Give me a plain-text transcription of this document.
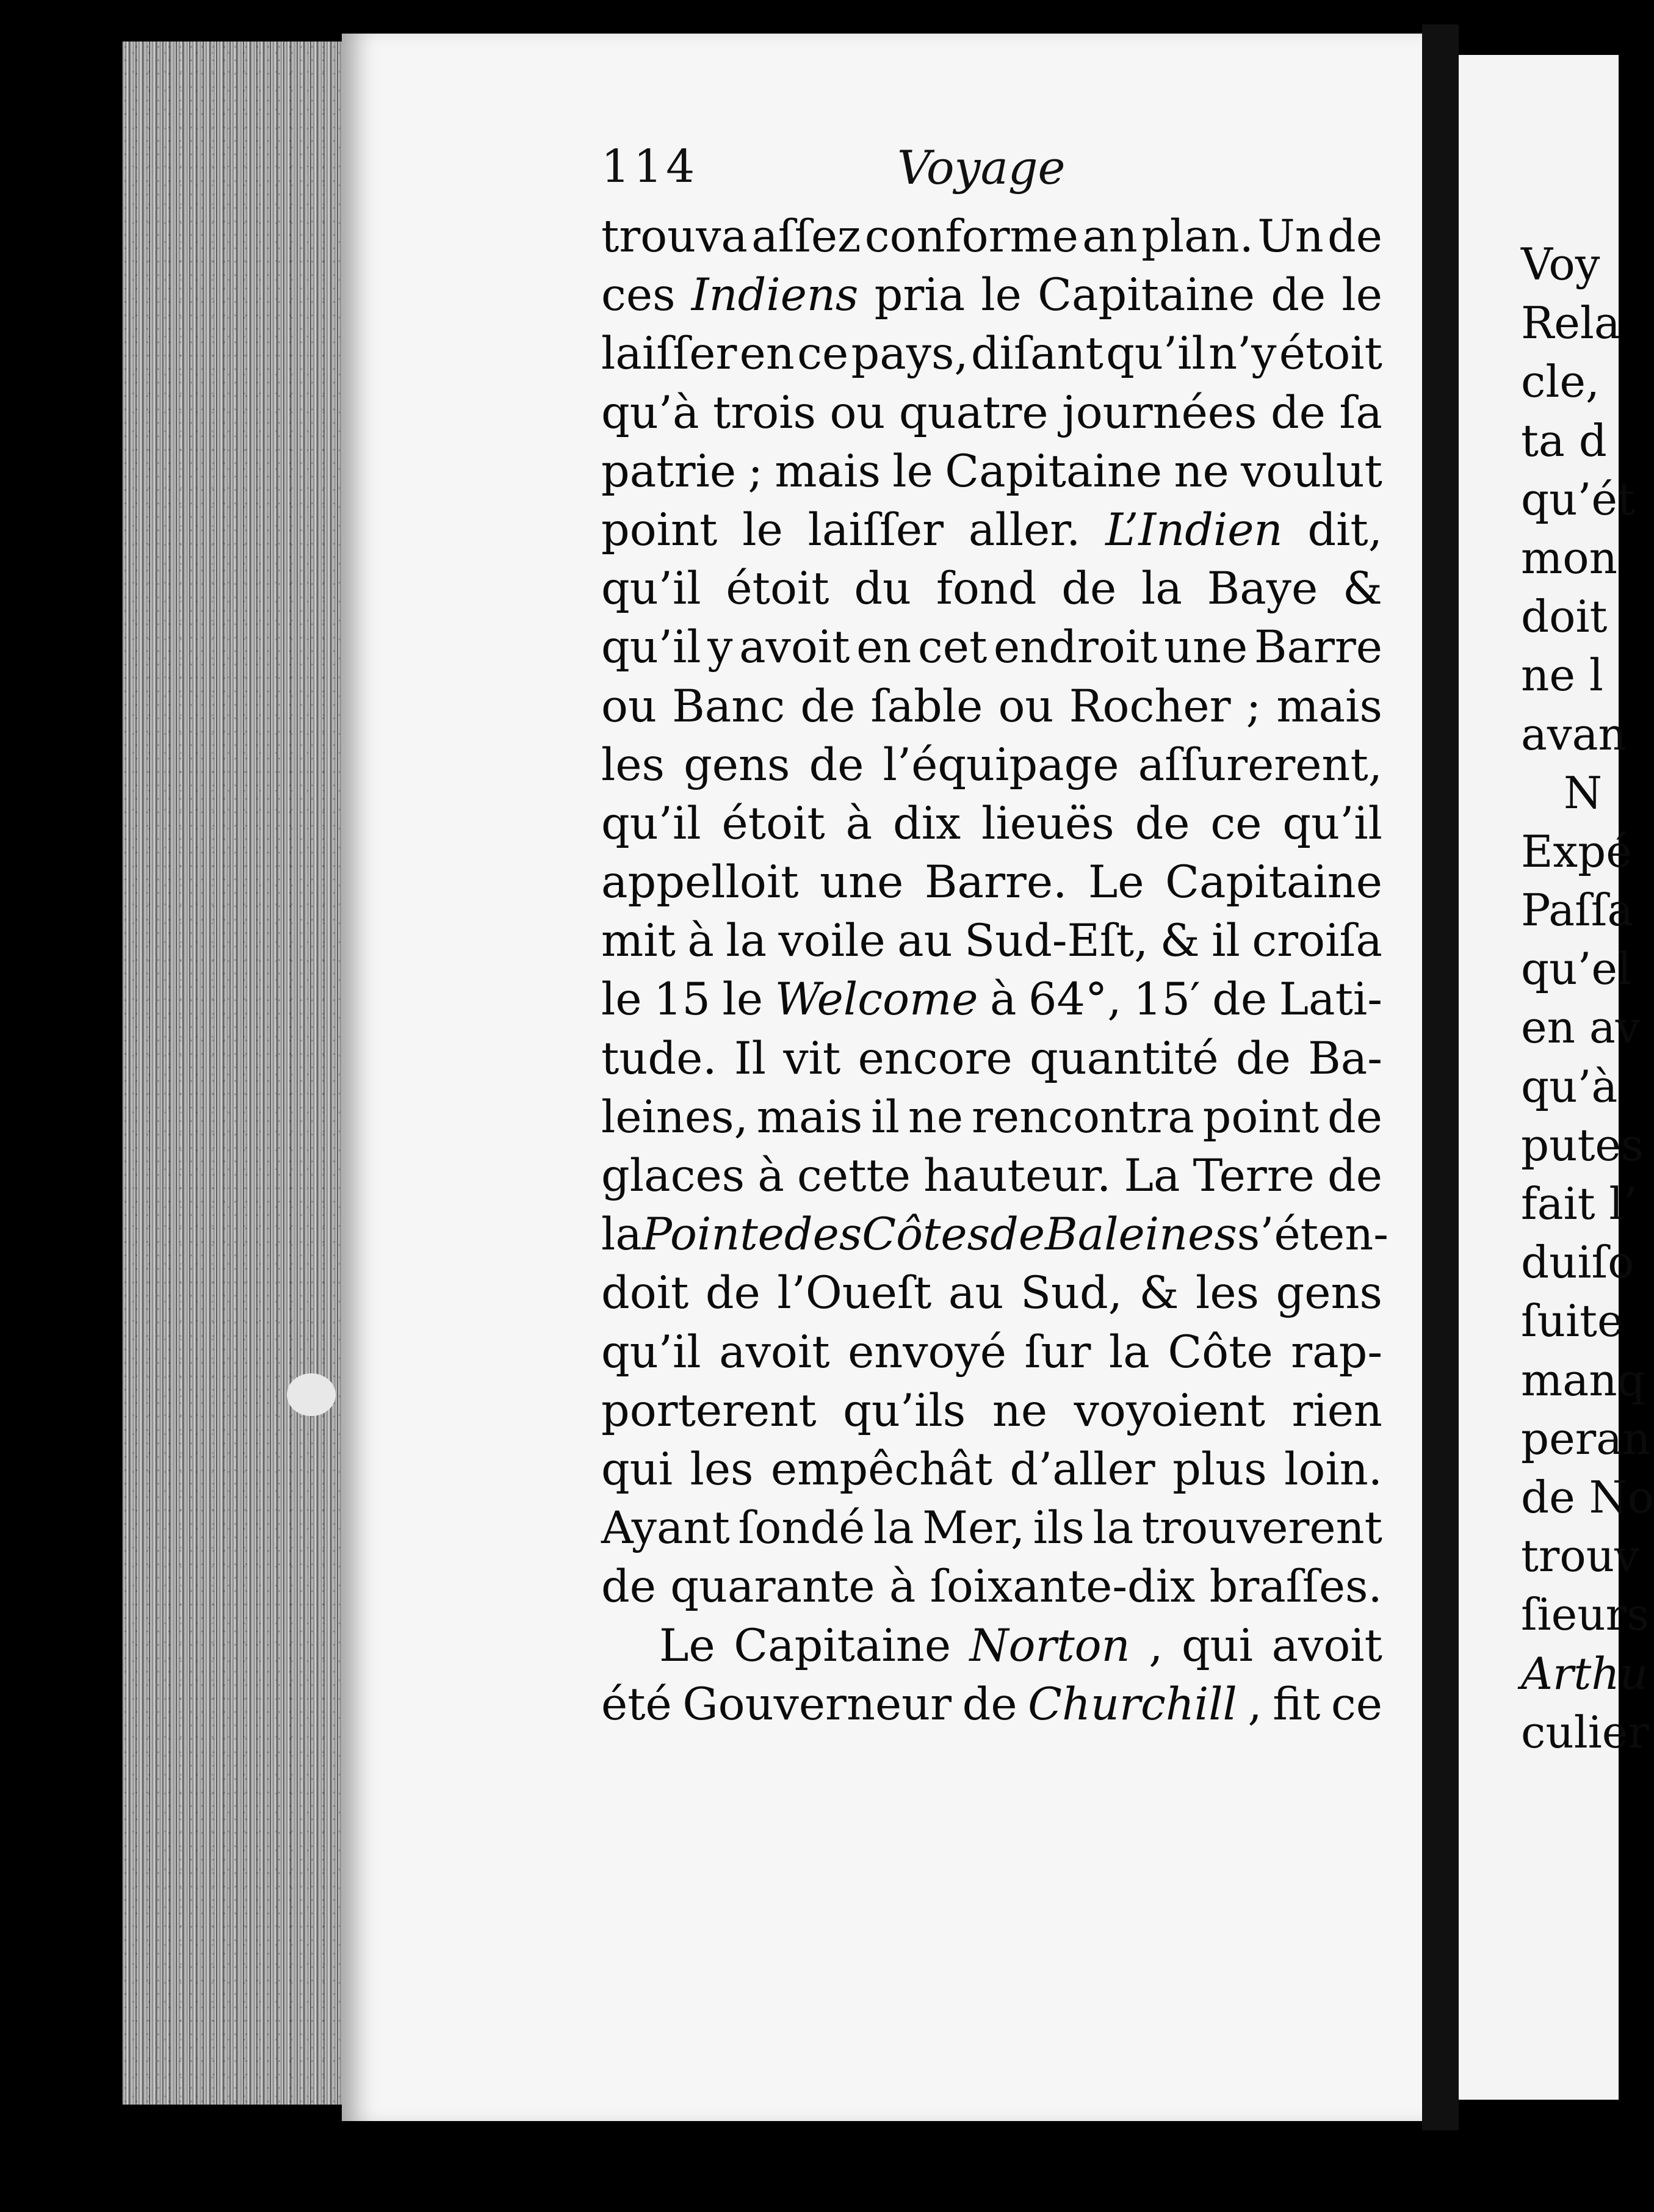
114	Voyage
trouva aſſez conforme an plan. Un de
ces Indiens pria le Capitaine de le
laiſſer en ce pays, diſant qu’il n’y étoit
qu’à trois ou quatre journées de ſa
patrie ; mais le Capitaine ne voulut
point le laiſſer aller. L’Indien dit,
qu’il étoit du fond de la Baye &
qu’il y avoit en cet endroit une Barre
ou Banc de ſable ou Rocher ; mais
les gens de l’équipage aſſurerent,
qu’il étoit à dix lieuës de ce qu’il
appelloit une Barre. Le Capitaine
mit à la voile au Sud-Eſt, & il croiſa
le 15 le Welcome à 64°, 15′ de Lati-
tude. Il vit encore quantité de Ba-
leines, mais il ne rencontra point de
glaces à cette hauteur. La Terre de
la Pointe des Côtes de Baleines s’éten-
doit de l’Oueſt au Sud, & les gens
qu’il avoit envoyé ſur la Côte rap-
porterent qu’ils ne voyoient rien
qui les empêchât d’aller plus loin.
Ayant ſondé la Mer, ils la trouverent
de quarante à ſoixante-dix braſſes.
Le Capitaine Norton , qui avoit
été Gouverneur de Churchill , fit ce
Voy
Rela
cle,
ta d
qu’ét
mon
doit
ne l
avan
N
Expé
Paſſa
qu’el
en av
qu’à
putes
fait l’
duiſo
ſuite
manq
peran
de No
trouv
ſieurs
Arthu
culier
